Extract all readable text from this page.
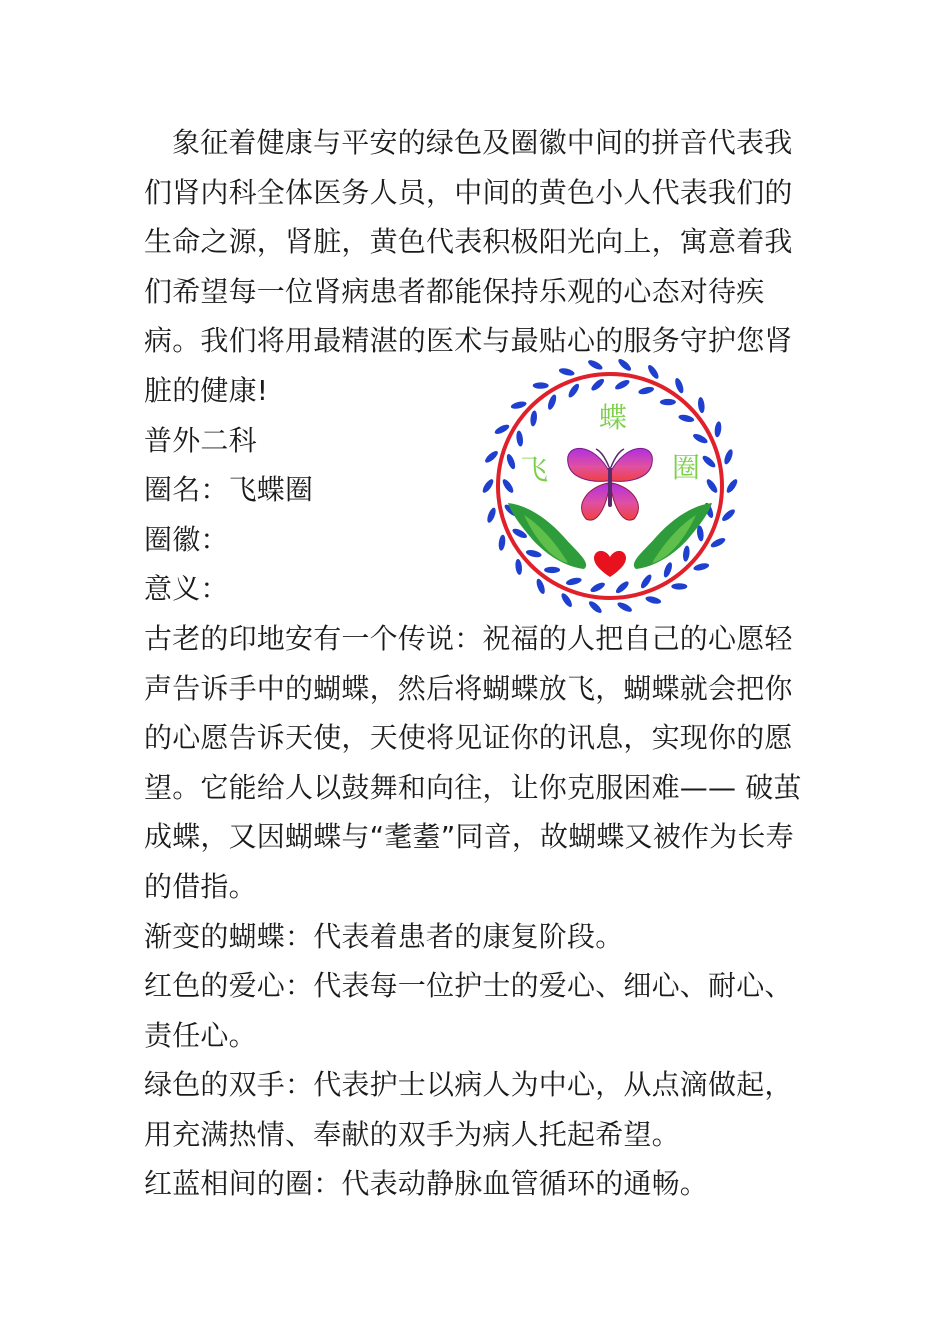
象征着健康与平安的绿色及圈徽中间的拼音代表我们肾内科全体医务人员，中间的黄色小人代表我们的生命之源，肾脏，黄色代表积极阳光向上，寓意着我们希望每一位肾病患者都能保持乐观的心态对待疾病。我们将用最精湛的医术与最贴心的服务守护您肾脏的健康!

普外二科

圈名：飞蝶圈

圈徽：

意义：

古老的印地安有一个传说：祝福的人把自己的心愿轻声告诉手中的蝴蝶，然后将蝴蝶放飞，蝴蝶就会把你的心愿告诉天使，天使将见证你的讯息，实现你的愿望。它能给人以鼓舞和向往，让你克服困难—— 破茧成蝶，又因蝴蝶与“耄耋”同音，故蝴蝶又被作为长寿的借指。

渐变的蝴蝶：代表着患者的康复阶段。

红色的爱心：代表每一位护士的爱心、细心、耐心、责任心。

绿色的双手：代表护士以病人为中心，从点滴做起，用充满热情、奉献的双手为病人托起希望。

红蓝相间的圈：代表动静脉血管循环的通畅。

飞
蝶
圈
